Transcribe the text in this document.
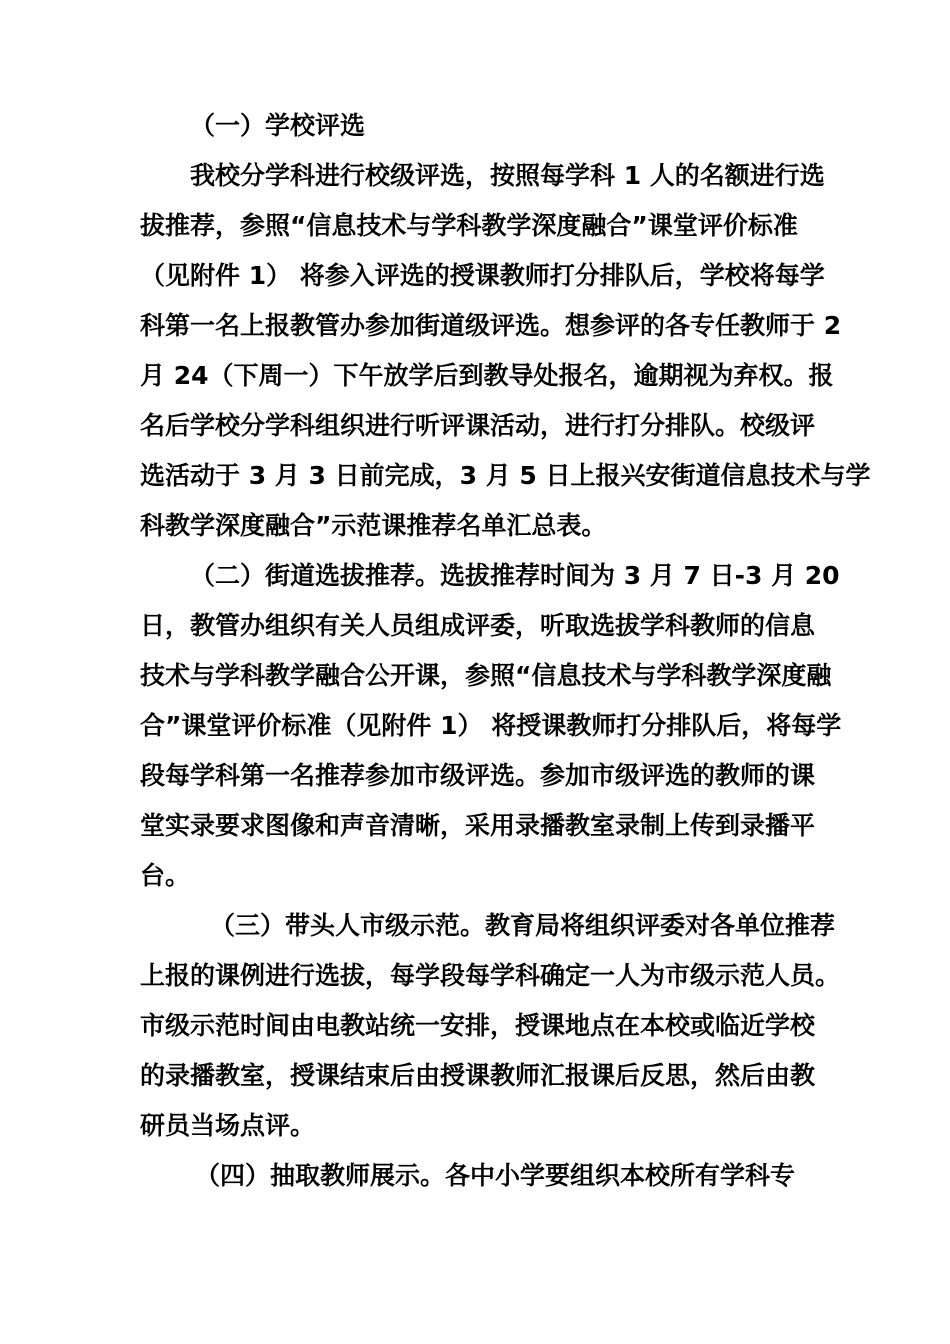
（一）学校评选
我校分学科进行校级评选，按照每学科 1 人的名额进行选
拔推荐，参照“信息技术与学科教学深度融合”课堂评价标准
（见附件 1） 将参入评选的授课教师打分排队后，学校将每学
科第一名上报教管办参加街道级评选。想参评的各专任教师于 2
月 24（下周一）下午放学后到教导处报名，逾期视为弃权。报
名后学校分学科组织进行听评课活动，进行打分排队。校级评
选活动于 3 月 3 日前完成，3 月 5 日上报兴安街道信息技术与学
科教学深度融合”示范课推荐名单汇总表。
（二）街道选拔推荐。选拔推荐时间为 3 月 7 日-3 月 20
日，教管办组织有关人员组成评委，听取选拔学科教师的信息
技术与学科教学融合公开课，参照“信息技术与学科教学深度融
合”课堂评价标准（见附件 1） 将授课教师打分排队后，将每学
段每学科第一名推荐参加市级评选。参加市级评选的教师的课
堂实录要求图像和声音清晰，采用录播教室录制上传到录播平
台。
（三）带头人市级示范。教育局将组织评委对各单位推荐
上报的课例进行选拔，每学段每学科确定一人为市级示范人员。
市级示范时间由电教站统一安排，授课地点在本校或临近学校
的录播教室，授课结束后由授课教师汇报课后反思，然后由教
研员当场点评。
（四）抽取教师展示。各中小学要组织本校所有学科专
